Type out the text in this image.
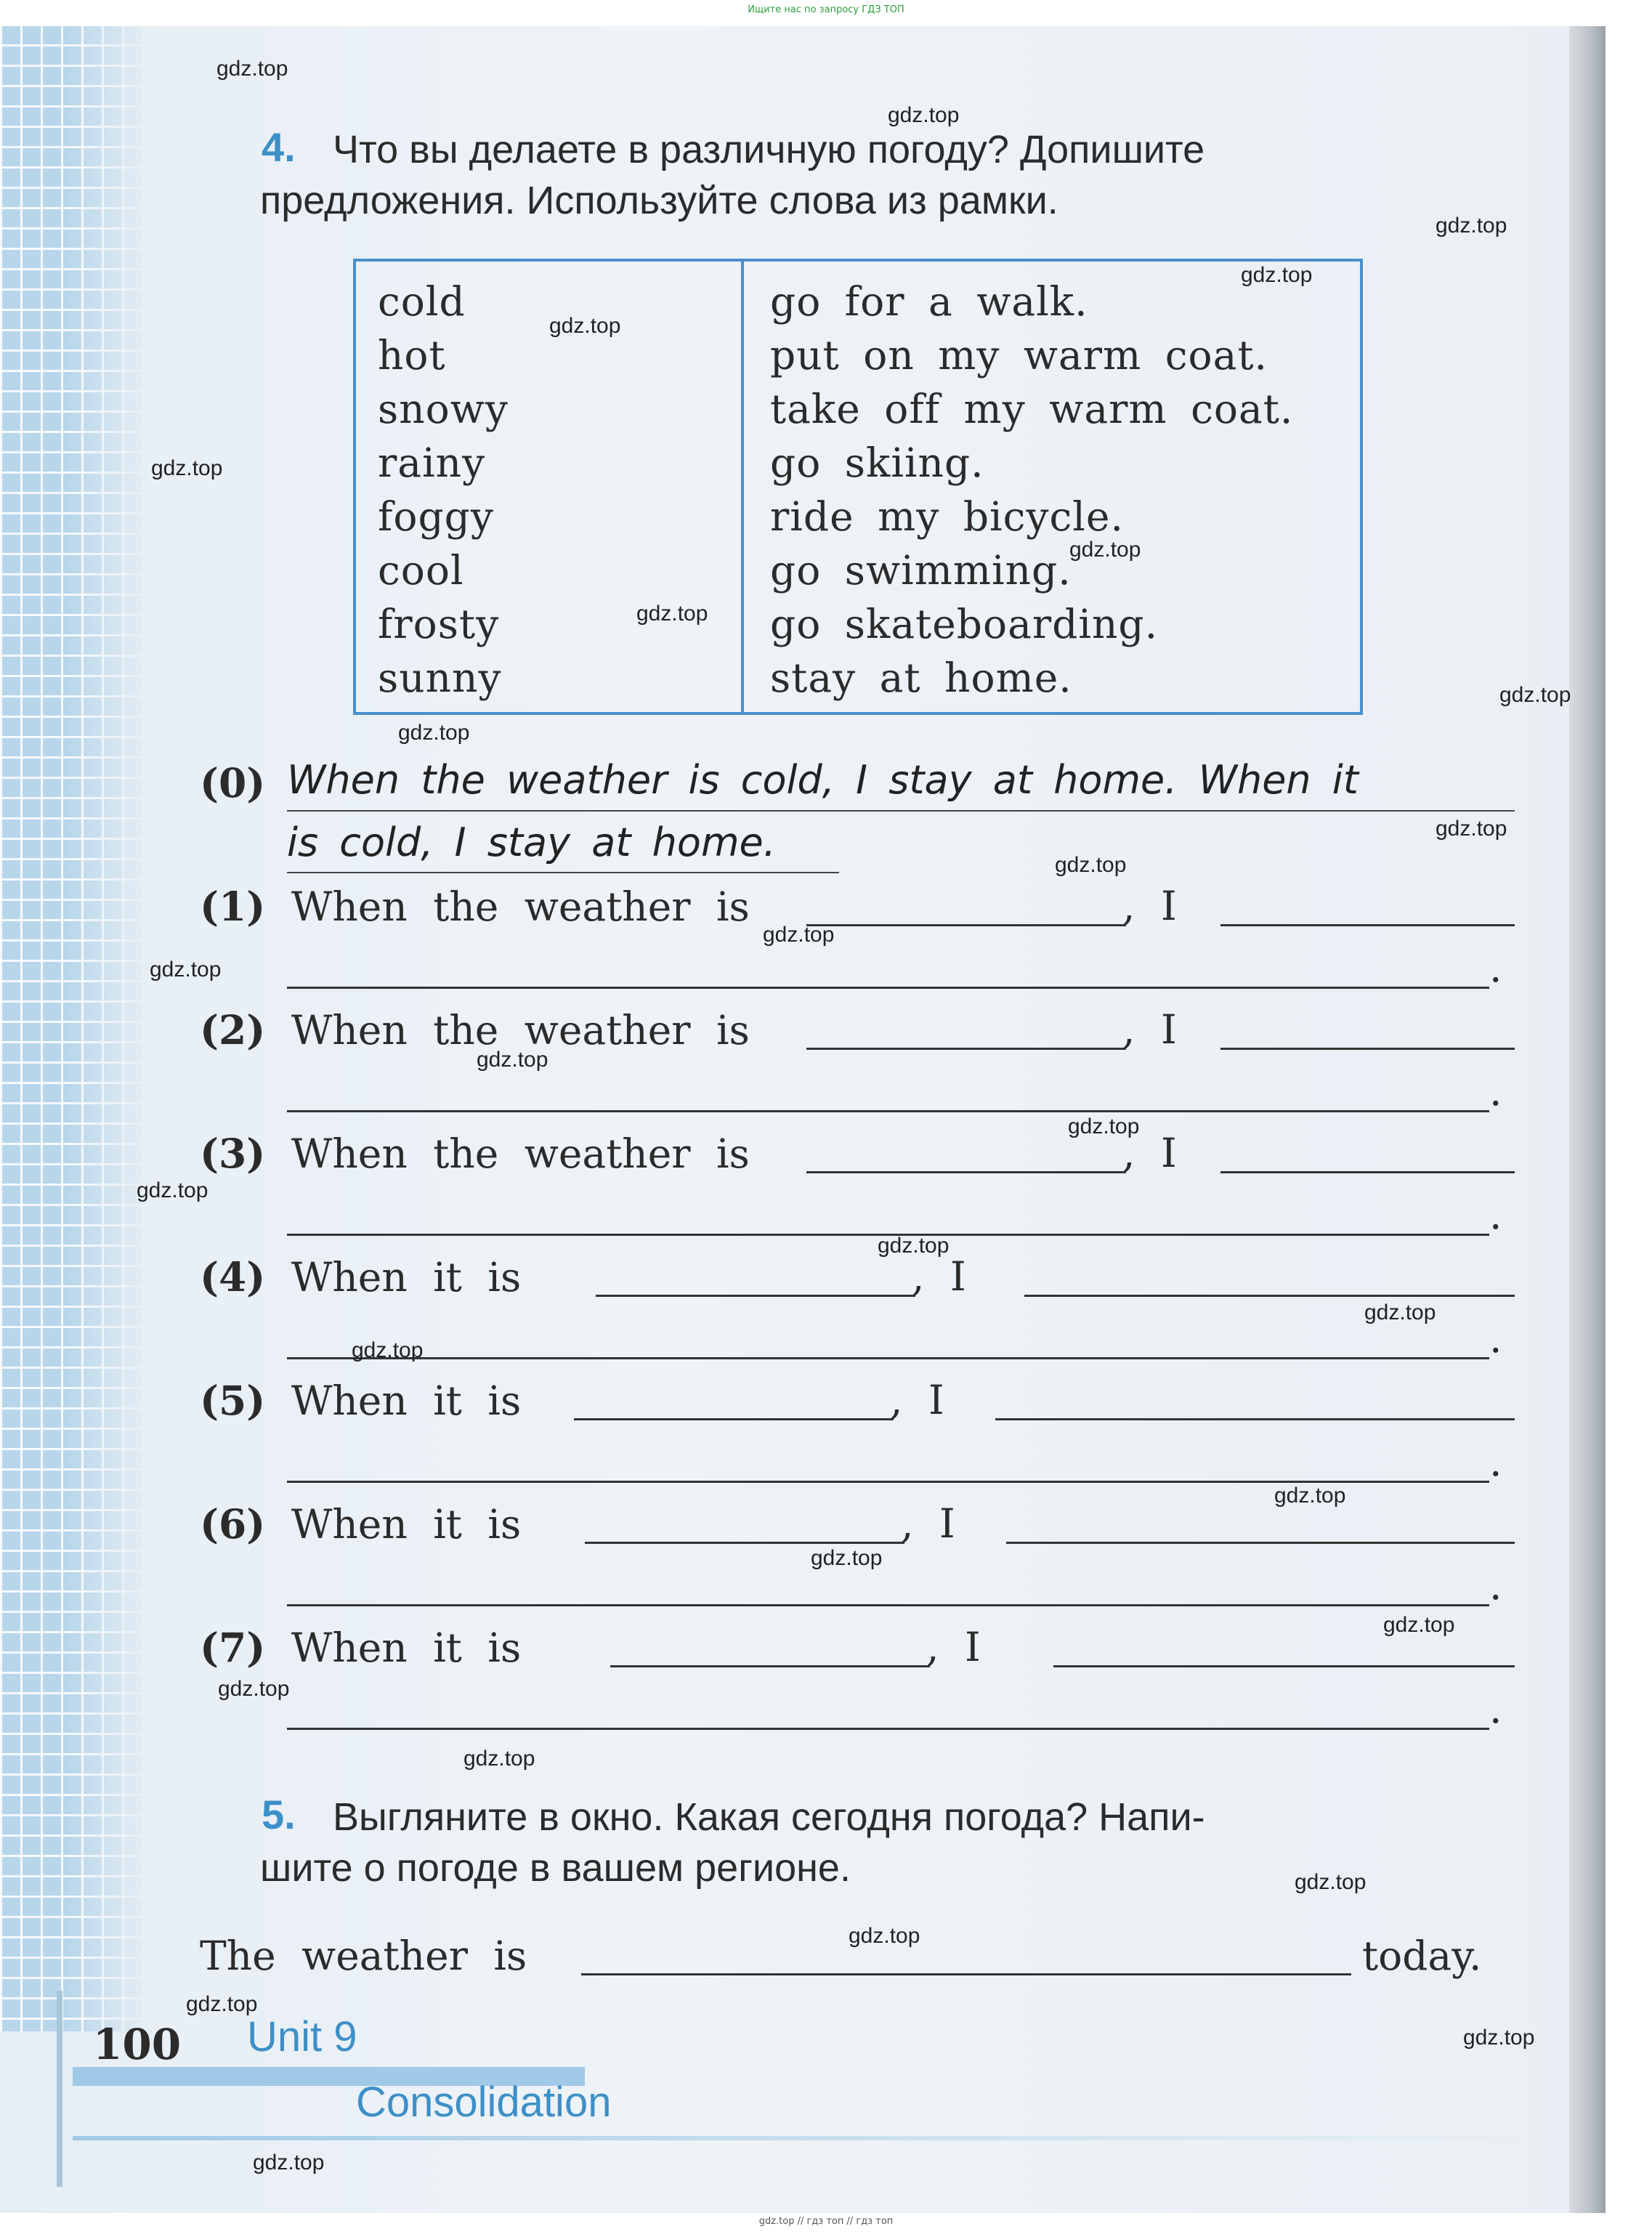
Ищите нас по запросу ГДЗ ТОП
4. Что вы делаете в различную погоду? Допишите
предложения. Используйте слова из рамки.
cold
hot
snowy
rainy
foggy
cool
frosty
sunny
go for a walk.
put on my warm coat.
take off my warm coat.
go skiing.
ride my bicycle.
go swimming.
go skateboarding.
stay at home.
(0) When the weather is cold, I stay at home. When it
is cold, I stay at home.
(1) When the weather is	, I
.
(2) When the weather is	, I
.
(3) When the weather is	, I
.
(4) When it is	, I
.
(5) When it is	, I
.
(6) When it is	, I
.
(7) When it is	, I
.
5. Выгляните в окно. Какая сегодня погода? Напи-
шите о погоде в вашем регионе.
The weather is	today.
100 Unit 9
Consolidation
gdz.top
gdz.top
gdz.top
gdz.top
gdz.top
gdz.top
gdz.top
gdz.top
gdz.top
gdz.top
gdz.top
gdz.top
gdz.top
gdz.top
gdz.top
gdz.top
gdz.top
gdz.top
gdz.top
gdz.top
gdz.top
gdz.top
gdz.top
gdz.top
gdz.top
gdz.top
gdz.top
gdz.top
gdz.top
gdz.top
gdz.top // гдз топ // гдз топ
